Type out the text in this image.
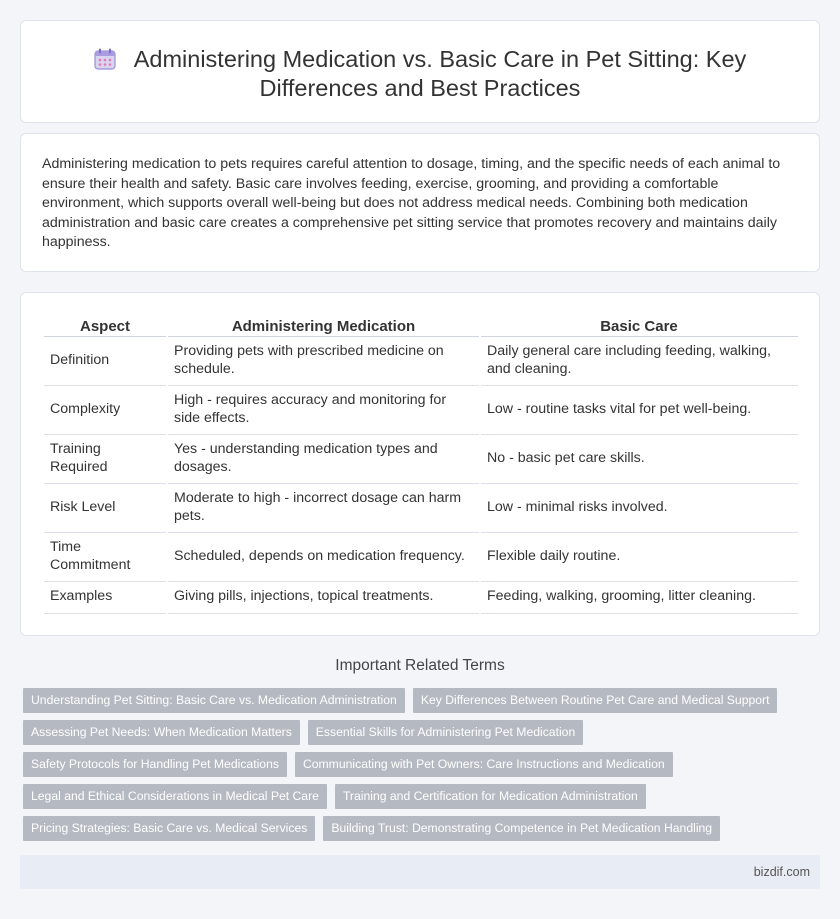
Administering Medication vs. Basic Care in Pet Sitting: Key
Differences and Best Practices

Administering medication to pets requires careful attention to dosage, timing, and the specific needs of each animal to ensure their health and safety. Basic care involves feeding, exercise, grooming, and providing a comfortable environment, which supports overall well-being but does not address medical needs. Combining both medication administration and basic care creates a comprehensive pet sitting service that promotes recovery and maintains daily happiness.

Aspect	Administering Medication	Basic Care
Definition	Providing pets with prescribed medicine on schedule.	Daily general care including feeding, walking, and cleaning.
Complexity	High - requires accuracy and monitoring for side effects.	Low - routine tasks vital for pet well-being.
Training Required	Yes - understanding medication types and dosages.	No - basic pet care skills.
Risk Level	Moderate to high - incorrect dosage can harm pets.	Low - minimal risks involved.
Time Commitment	Scheduled, depends on medication frequency.	Flexible daily routine.
Examples	Giving pills, injections, topical treatments.	Feeding, walking, grooming, litter cleaning.
Important Related Terms
Understanding Pet Sitting: Basic Care vs. Medication Administration	Key Differences Between Routine Pet Care and Medical Support
Assessing Pet Needs: When Medication Matters	Essential Skills for Administering Pet Medication
Safety Protocols for Handling Pet Medications	Communicating with Pet Owners: Care Instructions and Medication
Legal and Ethical Considerations in Medical Pet Care	Training and Certification for Medication Administration
Pricing Strategies: Basic Care vs. Medical Services	Building Trust: Demonstrating Competence in Pet Medication Handling
bizdif.com
